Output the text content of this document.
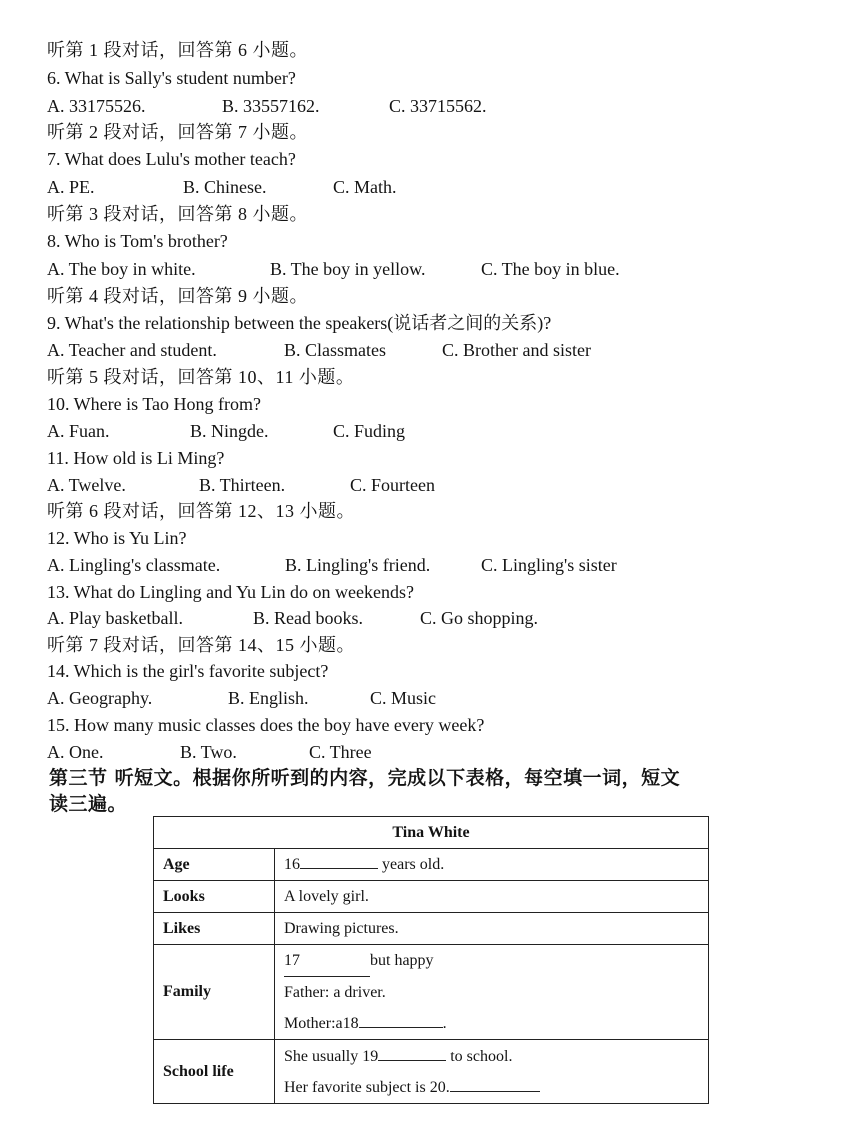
听第 1 段对话，回答第 6 小题。
6. What is Sally's student number?
A. 33175526.	B. 33557162.	C. 33715562.
听第 2 段对话，回答第 7 小题。
7. What does Lulu's mother teach?
A. PE.	B. Chinese.	C. Math.
听第 3 段对话，回答第 8 小题。
8. Who is Tom's brother?
A. The boy in white.	B. The boy in yellow.	C. The boy in blue.
听第 4 段对话，回答第 9 小题。
9. What's the relationship between the speakers(说话者之间的关系)?
A. Teacher and student.	B. Classmates	C. Brother and sister
听第 5 段对话，回答第 10、11 小题。
10. Where is Tao Hong from?
A. Fuan.	B. Ningde.	C. Fuding
11. How old is Li Ming?
A. Twelve.	B. Thirteen.	C. Fourteen
听第 6 段对话，回答第 12、13 小题。
12. Who is Yu Lin?
A. Lingling's classmate.	B. Lingling's friend.	C. Lingling's sister
13. What do Lingling and Yu Lin do on weekends?
A. Play basketball.	B. Read books.	C. Go shopping.
听第 7 段对话，回答第 14、15 小题。
14. Which is the girl's favorite subject?
A. Geography.	B. English.	C. Music
15. How many music classes does the boy have every week?
A. One.	B. Two.	C. Three
第三节 听短文。根据你所听到的内容，完成以下表格，每空填一词，短文
读三遍。
Tina White	
Age	16 years old.
Looks	A lovely girl.
Likes	Drawing pictures.
Family	17 but happy
Father: a driver.
Mother:a18 .

School life	She usually 19 to school.
Her favorite subject is 20.
